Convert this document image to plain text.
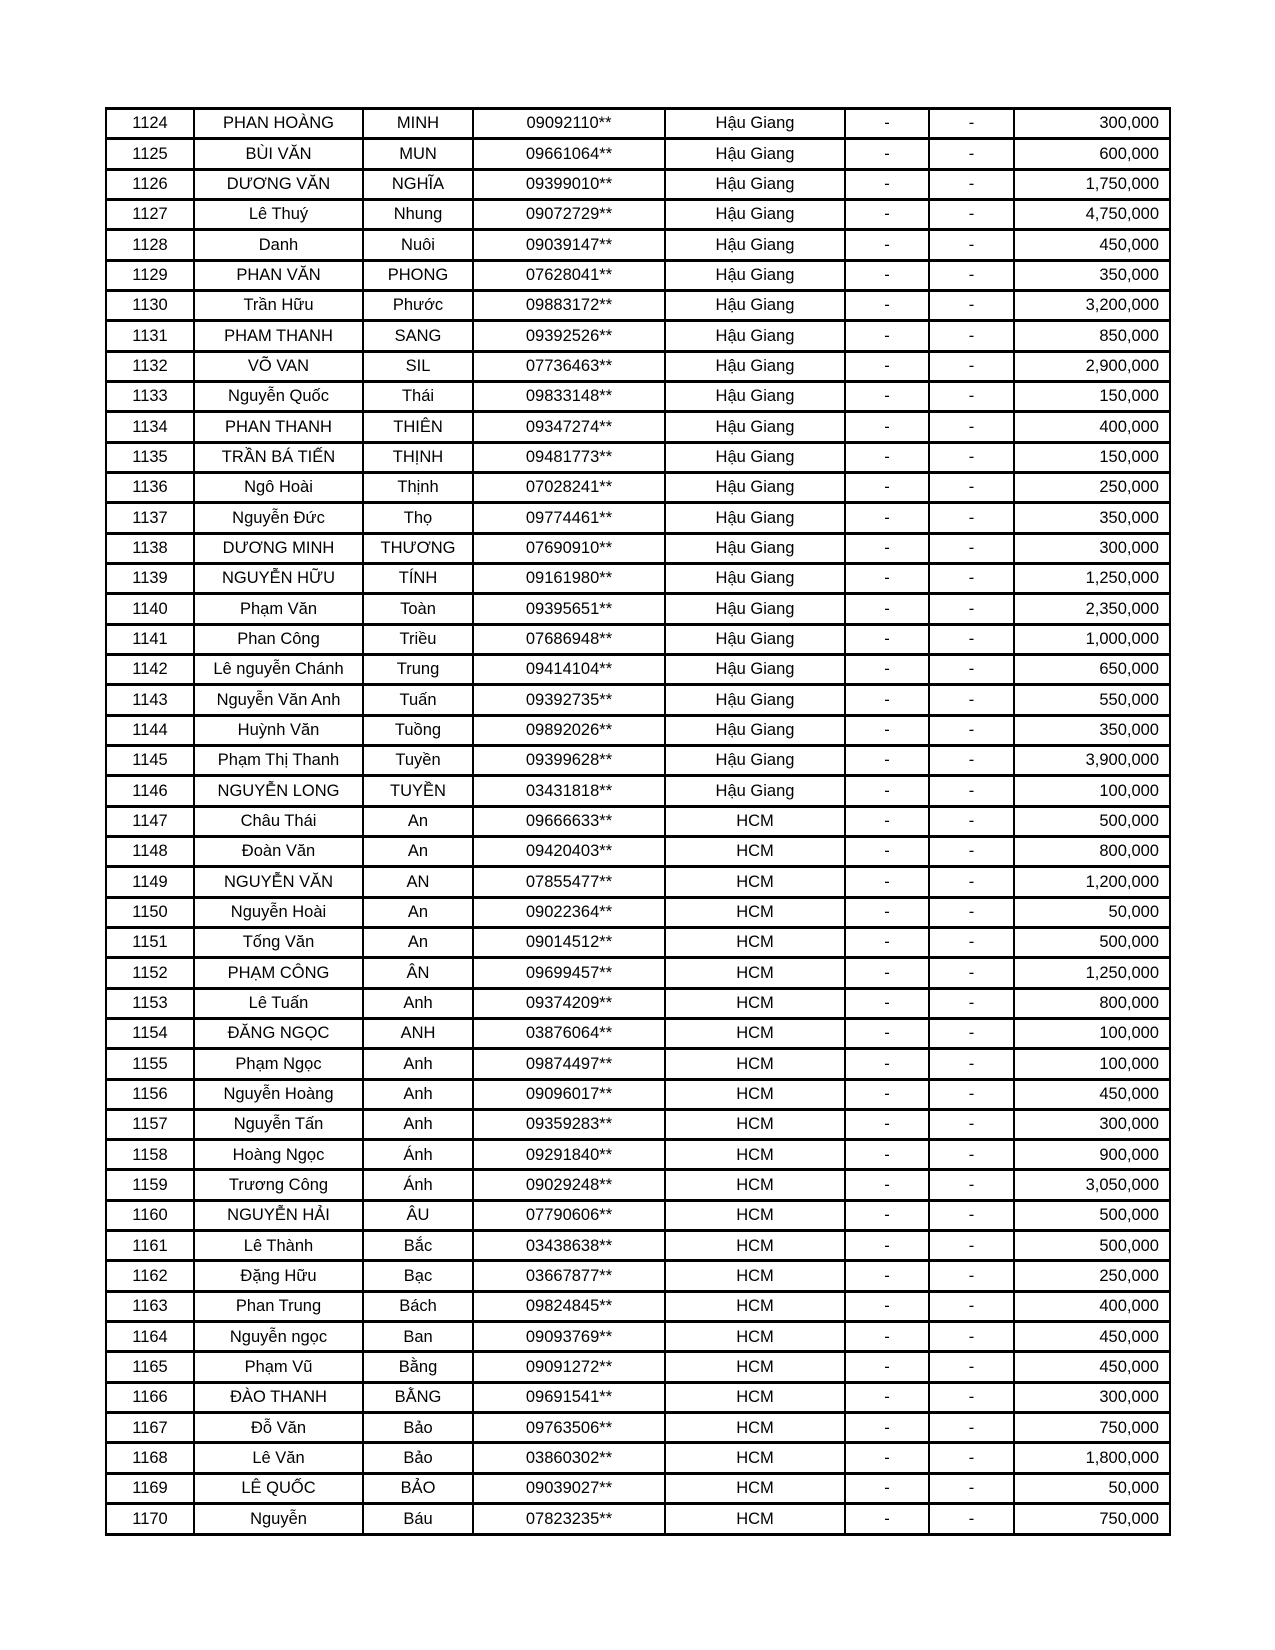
1124	PHAN HOÀNG	MINH	09092110**	Hậu Giang	-	-	300,000
1125	BÙI VĂN	MUN	09661064**	Hậu Giang	-	-	600,000
1126	DƯƠNG VĂN	NGHĨA	09399010**	Hậu Giang	-	-	1,750,000
1127	Lê Thuý	Nhung	09072729**	Hậu Giang	-	-	4,750,000
1128	Danh	Nuôi	09039147**	Hậu Giang	-	-	450,000
1129	PHAN VĂN	PHONG	07628041**	Hậu Giang	-	-	350,000
1130	Trần Hữu	Phước	09883172**	Hậu Giang	-	-	3,200,000
1131	PHAM THANH	SANG	09392526**	Hậu Giang	-	-	850,000
1132	VÕ VAN	SIL	07736463**	Hậu Giang	-	-	2,900,000
1133	Nguyễn Quốc	Thái	09833148**	Hậu Giang	-	-	150,000
1134	PHAN THANH	THIÊN	09347274**	Hậu Giang	-	-	400,000
1135	TRẦN BÁ TIẾN	THỊNH	09481773**	Hậu Giang	-	-	150,000
1136	Ngô Hoài	Thịnh	07028241**	Hậu Giang	-	-	250,000
1137	Nguyễn Đức	Thọ	09774461**	Hậu Giang	-	-	350,000
1138	DƯƠNG MINH	THƯƠNG	07690910**	Hậu Giang	-	-	300,000
1139	NGUYỄN HỮU	TÍNH	09161980**	Hậu Giang	-	-	1,250,000
1140	Phạm Văn	Toàn	09395651**	Hậu Giang	-	-	2,350,000
1141	Phan Công	Triều	07686948**	Hậu Giang	-	-	1,000,000
1142	Lê nguyễn Chánh	Trung	09414104**	Hậu Giang	-	-	650,000
1143	Nguyễn Văn Anh	Tuấn	09392735**	Hậu Giang	-	-	550,000
1144	Huỳnh Văn	Tuồng	09892026**	Hậu Giang	-	-	350,000
1145	Phạm Thị Thanh	Tuyền	09399628**	Hậu Giang	-	-	3,900,000
1146	NGUYỄN LONG	TUYỀN	03431818**	Hậu Giang	-	-	100,000
1147	Châu Thái	An	09666633**	HCM	-	-	500,000
1148	Đoàn Văn	An	09420403**	HCM	-	-	800,000
1149	NGUYỄN VĂN	AN	07855477**	HCM	-	-	1,200,000
1150	Nguyễn Hoài	An	09022364**	HCM	-	-	50,000
1151	Tống Văn	An	09014512**	HCM	-	-	500,000
1152	PHẠM CÔNG	ÂN	09699457**	HCM	-	-	1,250,000
1153	Lê Tuấn	Anh	09374209**	HCM	-	-	800,000
1154	ĐĂNG NGỌC	ANH	03876064**	HCM	-	-	100,000
1155	Phạm Ngọc	Anh	09874497**	HCM	-	-	100,000
1156	Nguyễn Hoàng	Anh	09096017**	HCM	-	-	450,000
1157	Nguyễn Tấn	Anh	09359283**	HCM	-	-	300,000
1158	Hoàng Ngọc	Ánh	09291840**	HCM	-	-	900,000
1159	Trương Công	Ánh	09029248**	HCM	-	-	3,050,000
1160	NGUYỄN HẢI	ÂU	07790606**	HCM	-	-	500,000
1161	Lê Thành	Bắc	03438638**	HCM	-	-	500,000
1162	Đặng Hữu	Bạc	03667877**	HCM	-	-	250,000
1163	Phan Trung	Bách	09824845**	HCM	-	-	400,000
1164	Nguyễn ngọc	Ban	09093769**	HCM	-	-	450,000
1165	Phạm Vũ	Bằng	09091272**	HCM	-	-	450,000
1166	ĐÀO THANH	BẰNG	09691541**	HCM	-	-	300,000
1167	Đỗ Văn	Bảo	09763506**	HCM	-	-	750,000
1168	Lê Văn	Bảo	03860302**	HCM	-	-	1,800,000
1169	LÊ QUỐC	BẢO	09039027**	HCM	-	-	50,000
1170	Nguyễn	Báu	07823235**	HCM	-	-	750,000
